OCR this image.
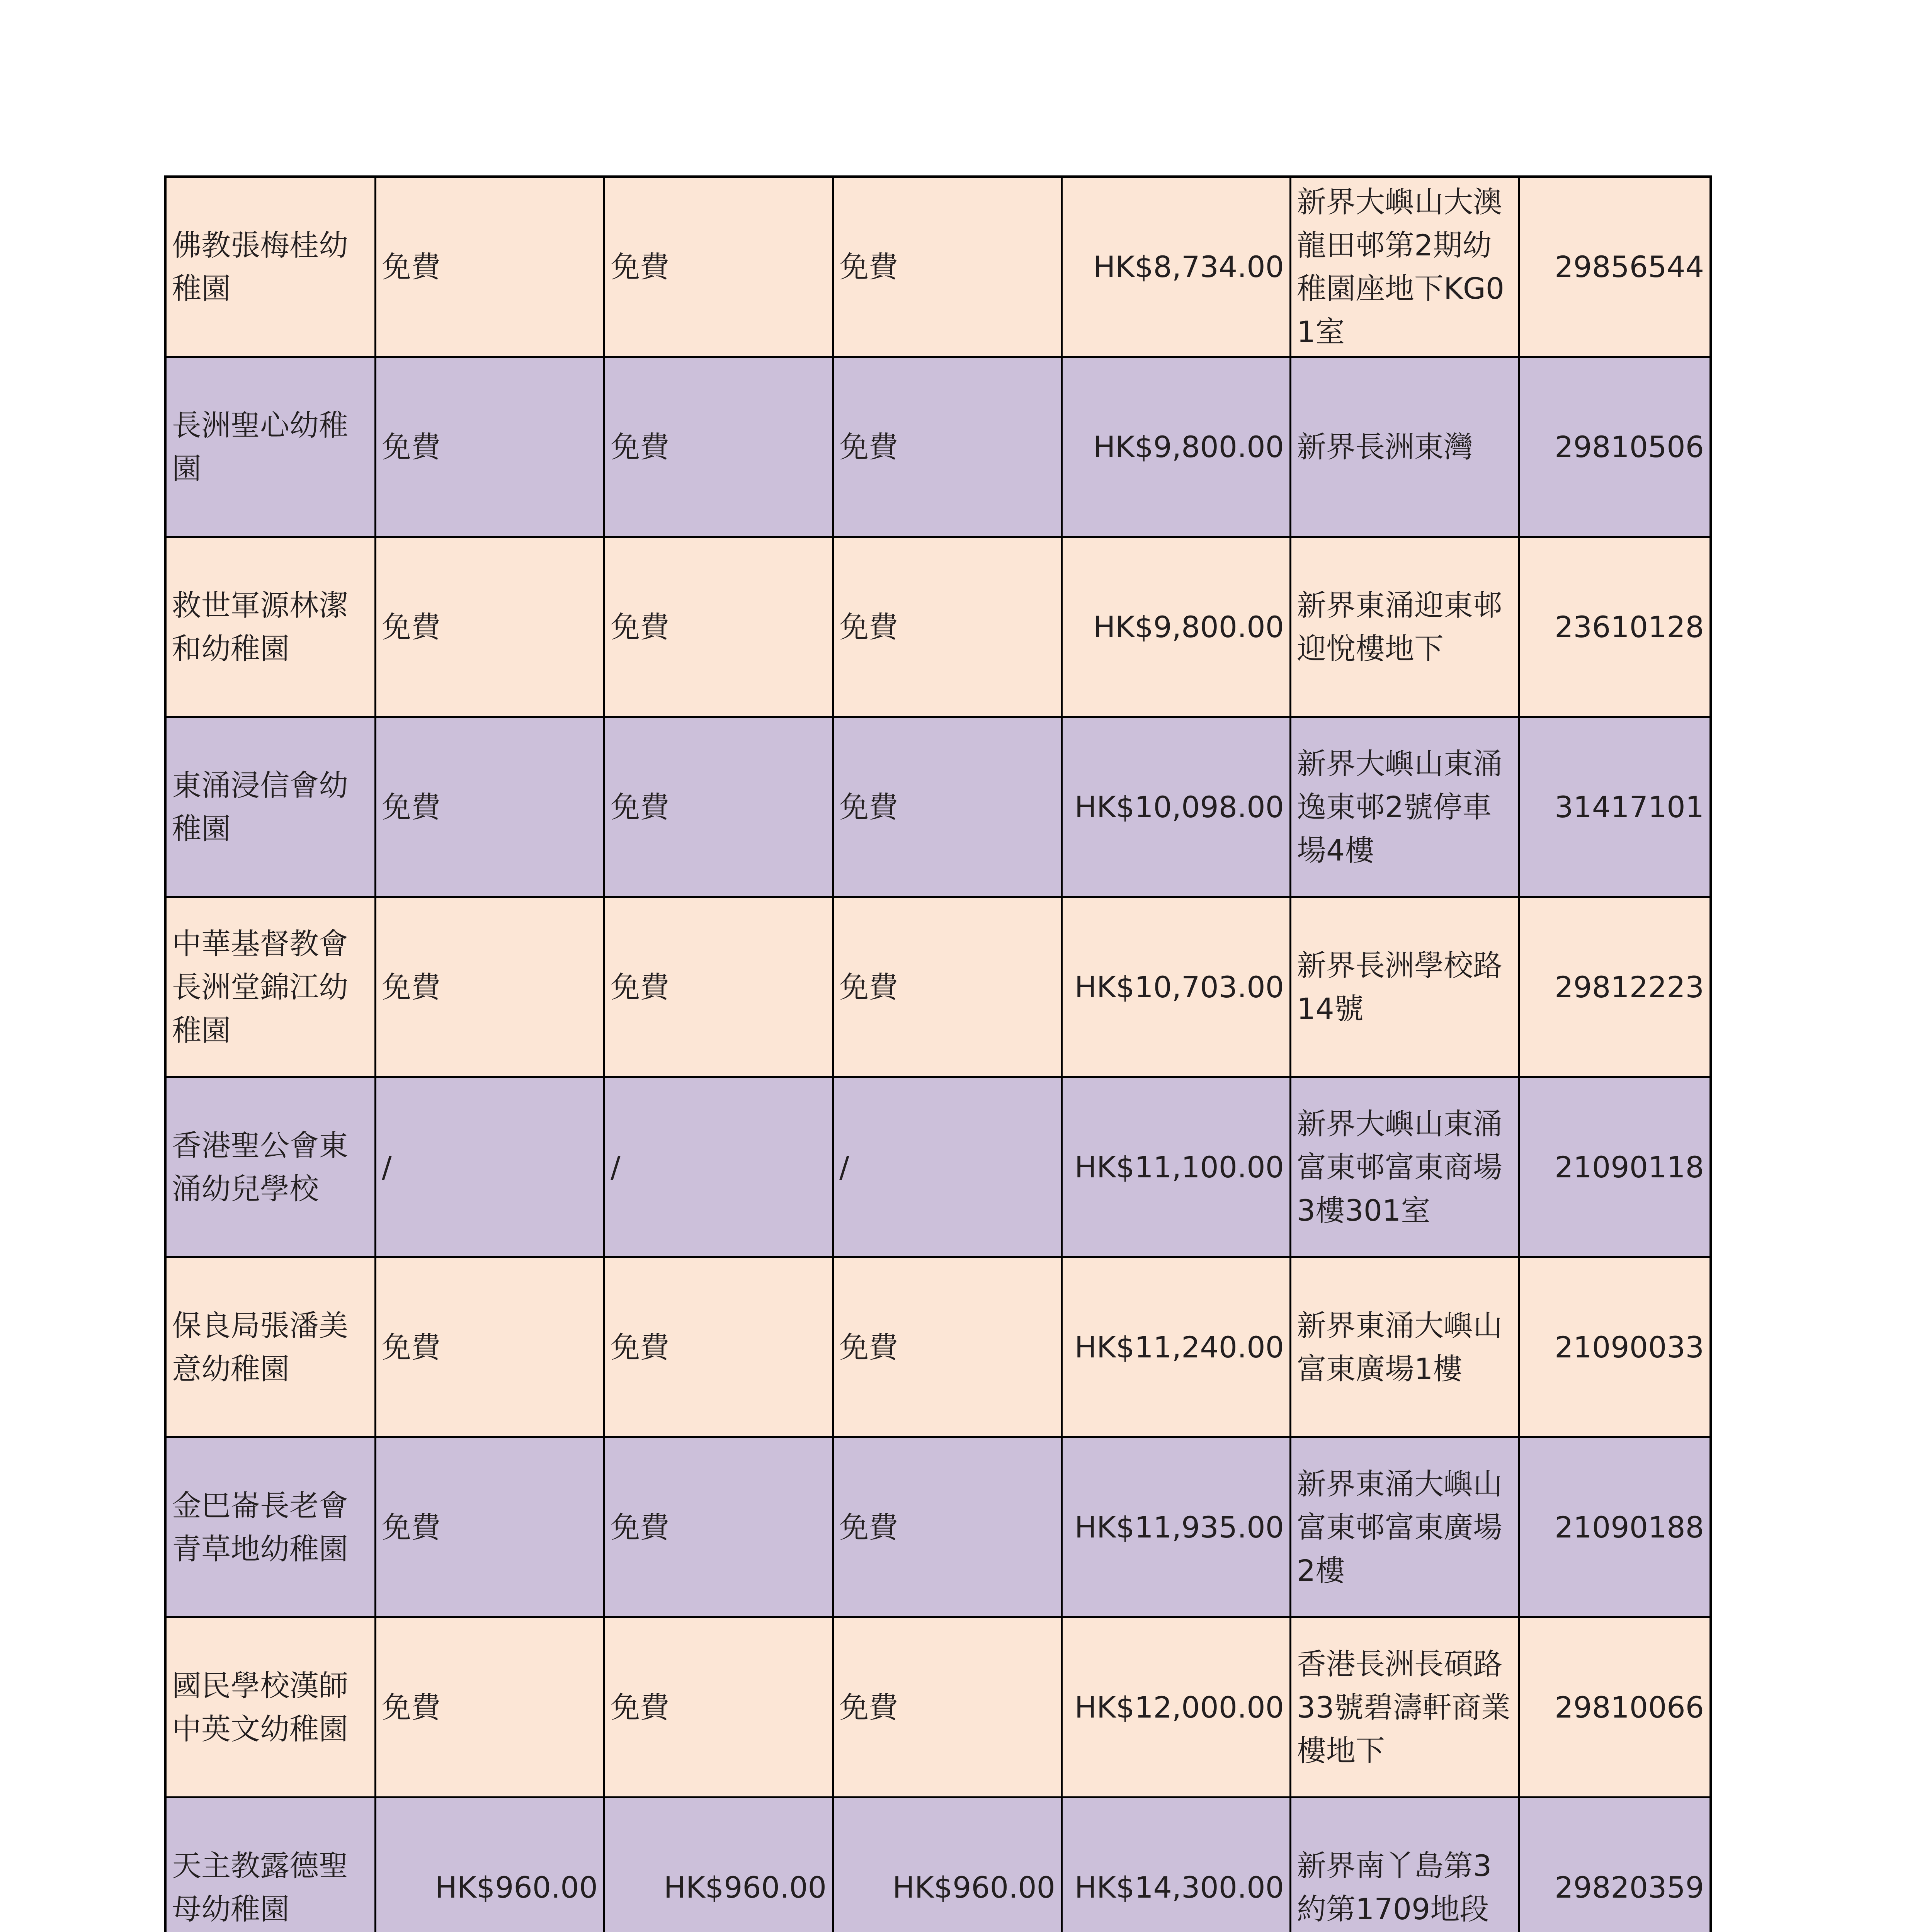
佛教張梅桂幼稚園	免費	免費	免費	HK$8,734.00	新界大嶼山大澳龍田邨第2期幼稚園座地下KG01室	29856544
長洲聖心幼稚園	免費	免費	免費	HK$9,800.00	新界長洲東灣	29810506
救世軍源林潔和幼稚園	免費	免費	免費	HK$9,800.00	新界東涌迎東邨迎悅樓地下	23610128
東涌浸信會幼稚園	免費	免費	免費	HK$10,098.00	新界大嶼山東涌逸東邨2號停車場4樓	31417101
中華基督教會長洲堂錦江幼稚園	免費	免費	免費	HK$10,703.00	新界長洲學校路14號	29812223
香港聖公會東涌幼兒學校	/	/	/	HK$11,100.00	新界大嶼山東涌富東邨富東商場3樓301室	21090118
保良局張潘美意幼稚園	免費	免費	免費	HK$11,240.00	新界東涌大嶼山富東廣場1樓	21090033
金巴崙長老會青草地幼稚園	免費	免費	免費	HK$11,935.00	新界東涌大嶼山富東邨富東廣場2樓	21090188
國民學校漢師中英文幼稚園	免費	免費	免費	HK$12,000.00	香港長洲長碩路33號碧濤軒商業樓地下	29810066
天主教露德聖母幼稚園	HK$960.00	HK$960.00	HK$960.00	HK$14,300.00	新界南丫島第3約第1709地段	29820359
